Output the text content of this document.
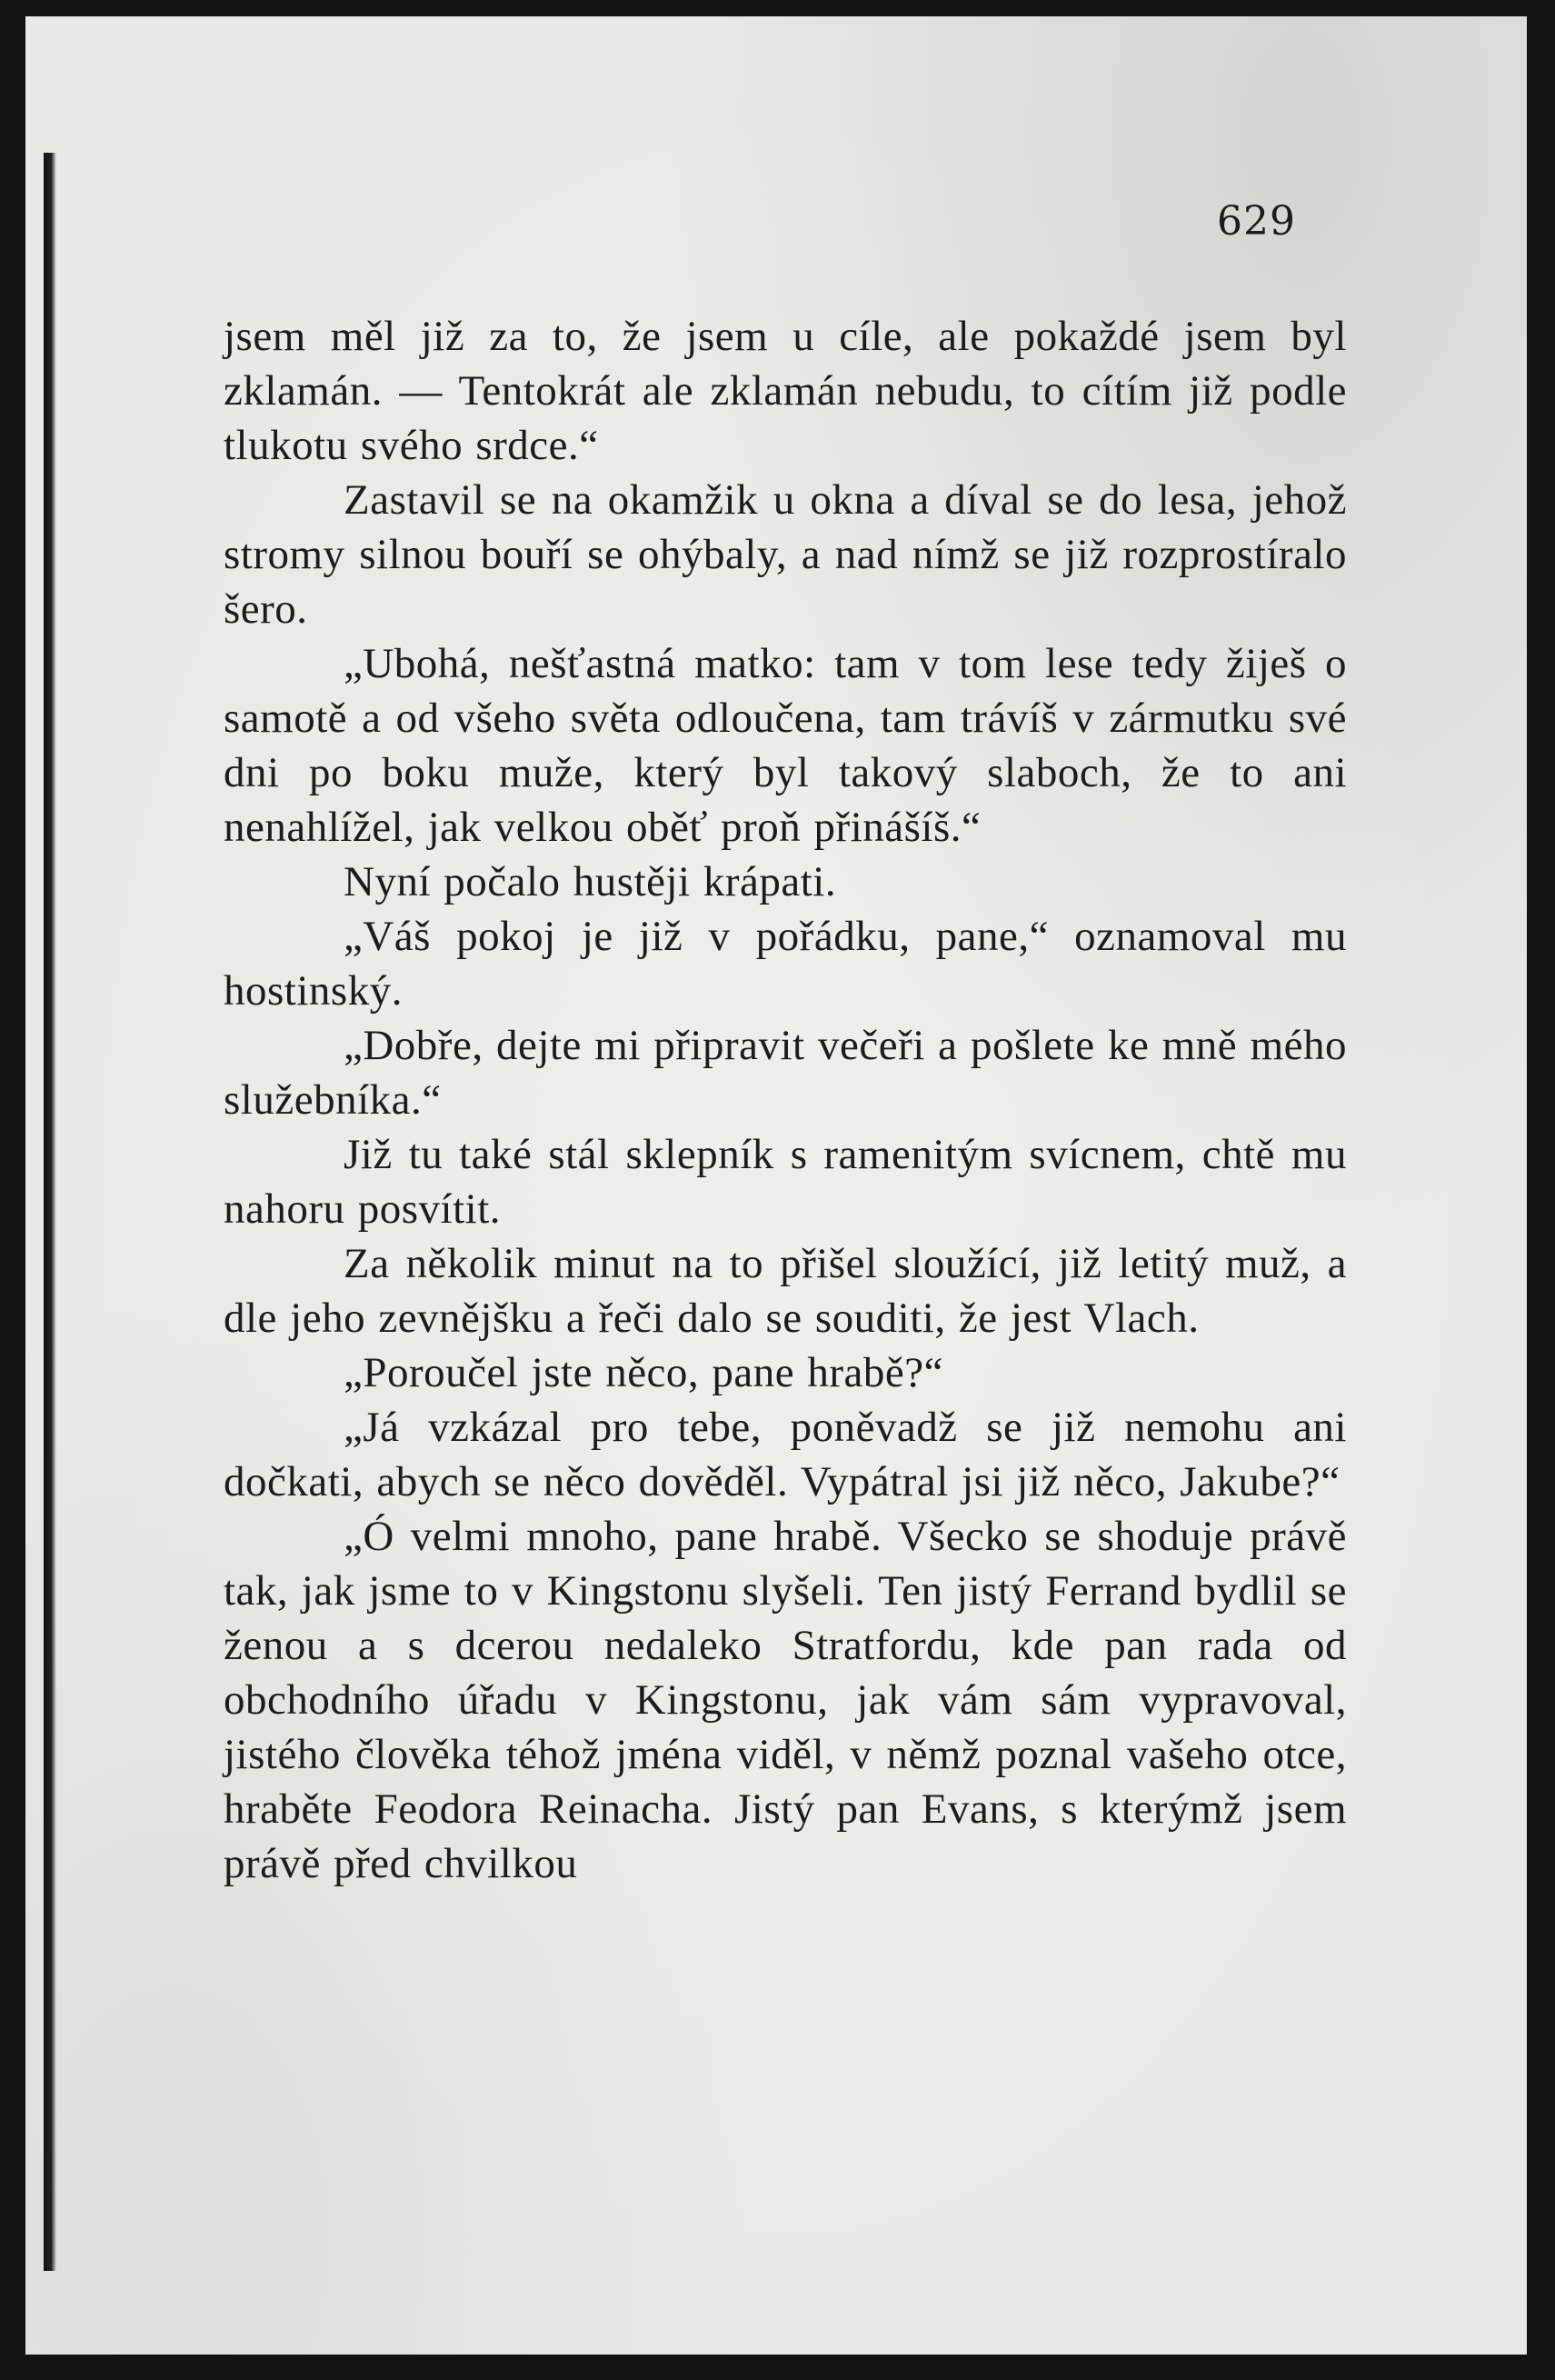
629

jsem měl již za to, že jsem u cíle, ale pokaždé jsem byl zklamán. — Tentokrát ale zklamán nebudu, to cítím již podle tlukotu svého srdce.“

Zastavil se na okamžik u okna a díval se do lesa, jehož stromy silnou bouří se ohýbaly, a nad nímž se již rozprostíralo šero.

„Ubohá, nešťastná matko: tam v tom lese tedy žiješ o samotě a od všeho světa odloučena, tam trávíš v zármutku své dni po boku muže, který byl takový slaboch, že to ani nenahlížel, jak velkou oběť proň přinášíš.“

Nyní počalo hustěji krápati.

„Váš pokoj je již v pořádku, pane,“ oznamoval mu hostinský.

„Dobře, dejte mi připravit večeři a pošlete ke mně mého služebníka.“

Již tu také stál sklepník s ramenitým svícnem, chtě mu nahoru posvítit.

Za několik minut na to přišel sloužící, již letitý muž, a dle jeho zevnějšku a řeči dalo se souditi, že jest Vlach.

„Poroučel jste něco, pane hrabě?“

„Já vzkázal pro tebe, poněvadž se již nemohu ani dočkati, abych se něco dověděl. Vypátral jsi již něco, Jakube?“

„Ó velmi mnoho, pane hrabě. Všecko se shoduje právě tak, jak jsme to v Kingstonu slyšeli. Ten jistý Ferrand bydlil se ženou a s dcerou nedaleko Stratfordu, kde pan rada od obchodního úřadu v Kingstonu, jak vám sám vypravoval, jistého člověka téhož jména viděl, v němž poznal vašeho otce, hraběte Feodora Reinacha. Jistý pan Evans, s kterýmž jsem právě před chvilkou
